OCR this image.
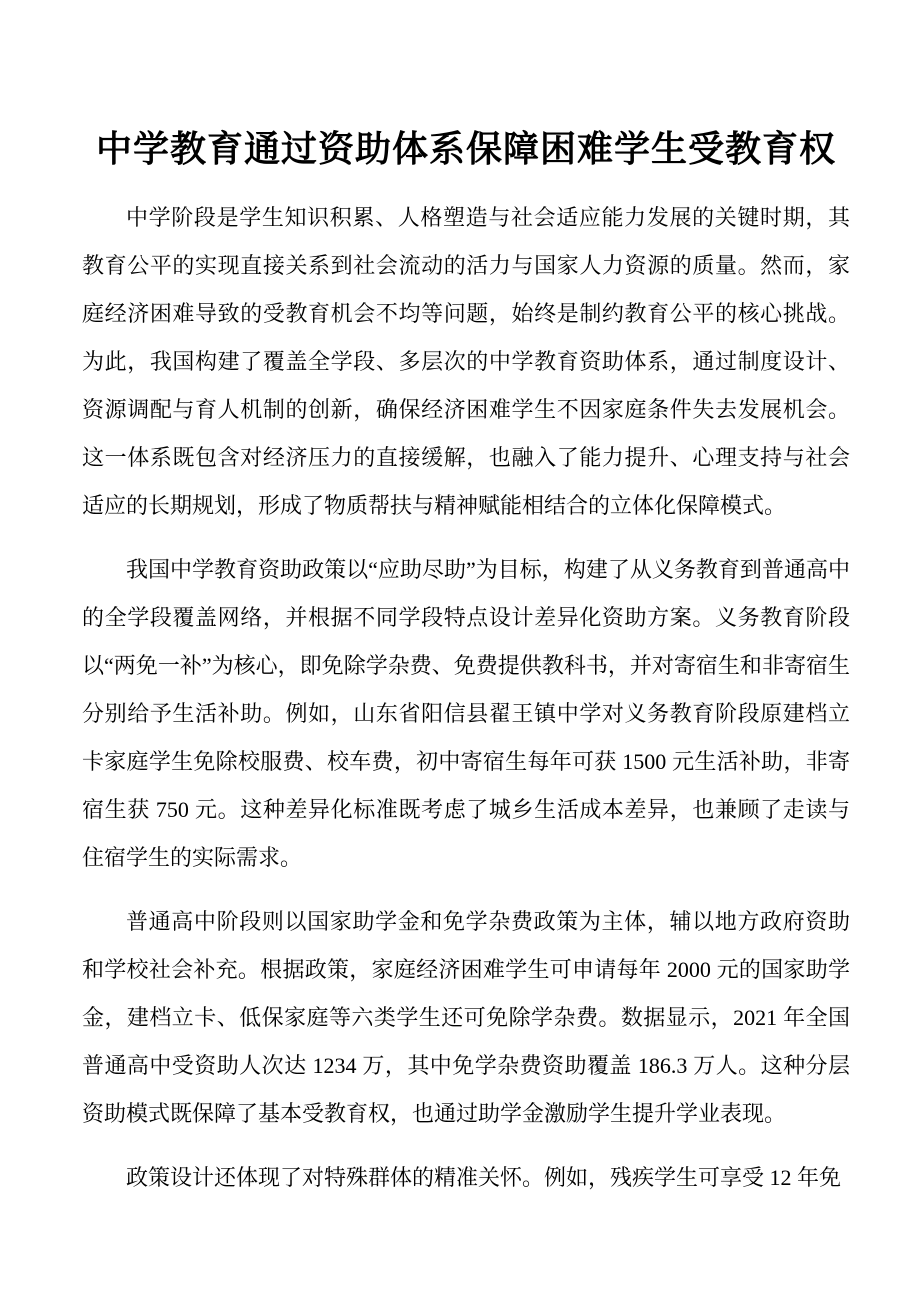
中学教育通过资助体系保障困难学生受教育权

中学阶段是学生知识积累、人格塑造与社会适应能力发展的关键时期，其教育公平的实现直接关系到社会流动的活力与国家人力资源的质量。然而，家庭经济困难导致的受教育机会不均等问题，始终是制约教育公平的核心挑战。为此，我国构建了覆盖全学段、多层次的中学教育资助体系，通过制度设计、资源调配与育人机制的创新，确保经济困难学生不因家庭条件失去发展机会。这一体系既包含对经济压力的直接缓解，也融入了能力提升、心理支持与社会适应的长期规划，形成了物质帮扶与精神赋能相结合的立体化保障模式。

我国中学教育资助政策以“应助尽助”为目标，构建了从义务教育到普通高中的全学段覆盖网络，并根据不同学段特点设计差异化资助方案。义务教育阶段以“两免一补”为核心，即免除学杂费、免费提供教科书，并对寄宿生和非寄宿生分别给予生活补助。例如，山东省阳信县翟王镇中学对义务教育阶段原建档立卡家庭学生免除校服费、校车费，初中寄宿生每年可获 1500 元生活补助，非寄宿生获 750 元。这种差异化标准既考虑了城乡生活成本差异，也兼顾了走读与住宿学生的实际需求。

普通高中阶段则以国家助学金和免学杂费政策为主体，辅以地方政府资助和学校社会补充。根据政策，家庭经济困难学生可申请每年 2000 元的国家助学金，建档立卡、低保家庭等六类学生还可免除学杂费。数据显示，2021 年全国普通高中受资助人次达 1234 万，其中免学杂费资助覆盖 186.3 万人。这种分层资助模式既保障了基本受教育权，也通过助学金激励学生提升学业表现。

政策设计还体现了对特殊群体的精准关怀。例如，残疾学生可享受 12 年免
